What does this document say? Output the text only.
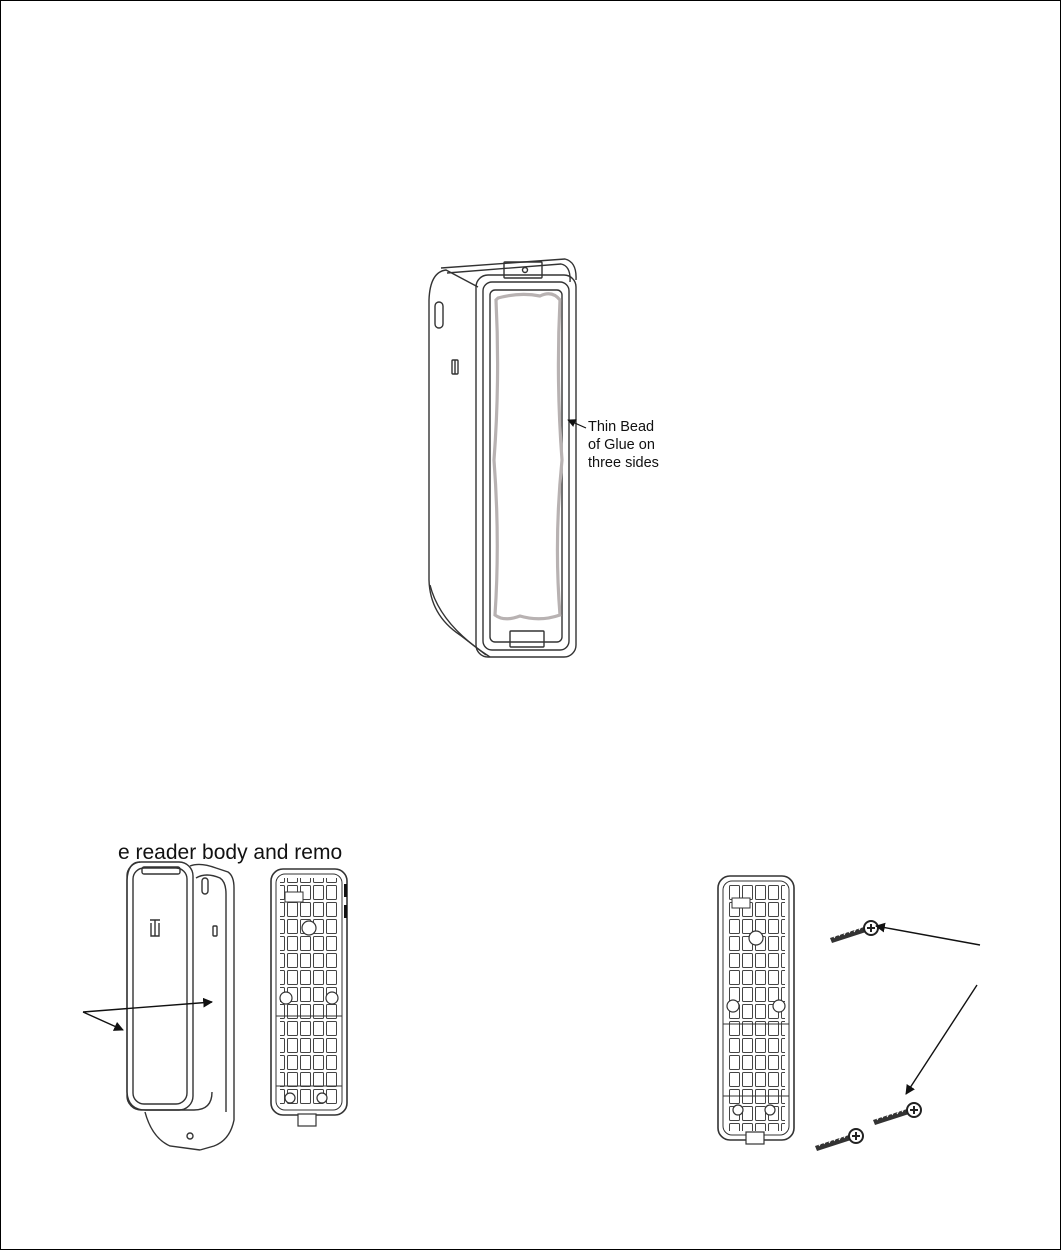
Thin Bead
of Glue on
three sides
e reader body and remo
